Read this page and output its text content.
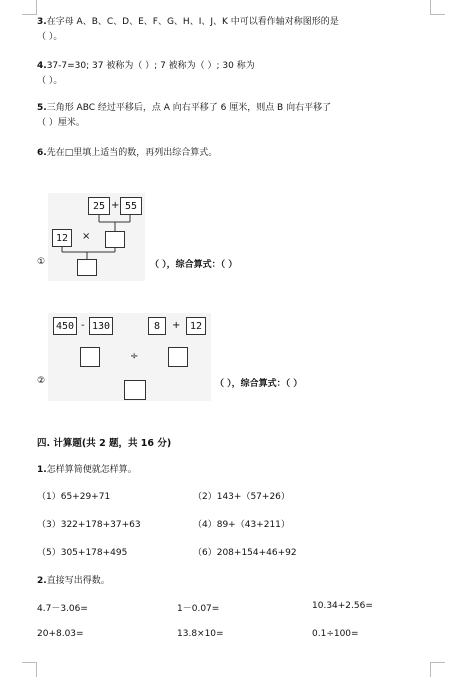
3.在字母 A、B、C、D、E、F、G、H、I、J、K 中可以看作轴对称图形的是
（ ）。
4.37-7=30; 37 被称为（ ）; 7 被称为（ ）; 30 称为
（ ）。
5.三角形 ABC 经过平移后，点 A 向右平移了 6 厘米，则点 B 向右平移了
（ ）厘米。
6.先在□里填上适当的数，再列出综合算式。
25 + 55
12	×
①	（ ），综合算式：（ ）
450 - 130	8	+ 12
÷
②	（ ），综合算式：（ ）
四. 计算题(共 2 题，共 16 分)
1.怎样算简便就怎样算。
（1）65+29+71	（2）143+（57+26）
（3）322+178+37+63	（4）89+（43+211）
（5）305+178+495	（6）208+154+46+92
2.直接写出得数。
4.7－3.06=	1－0.07=	10.34+2.56=
20+8.03=	13.8×10=	0.1÷100=
